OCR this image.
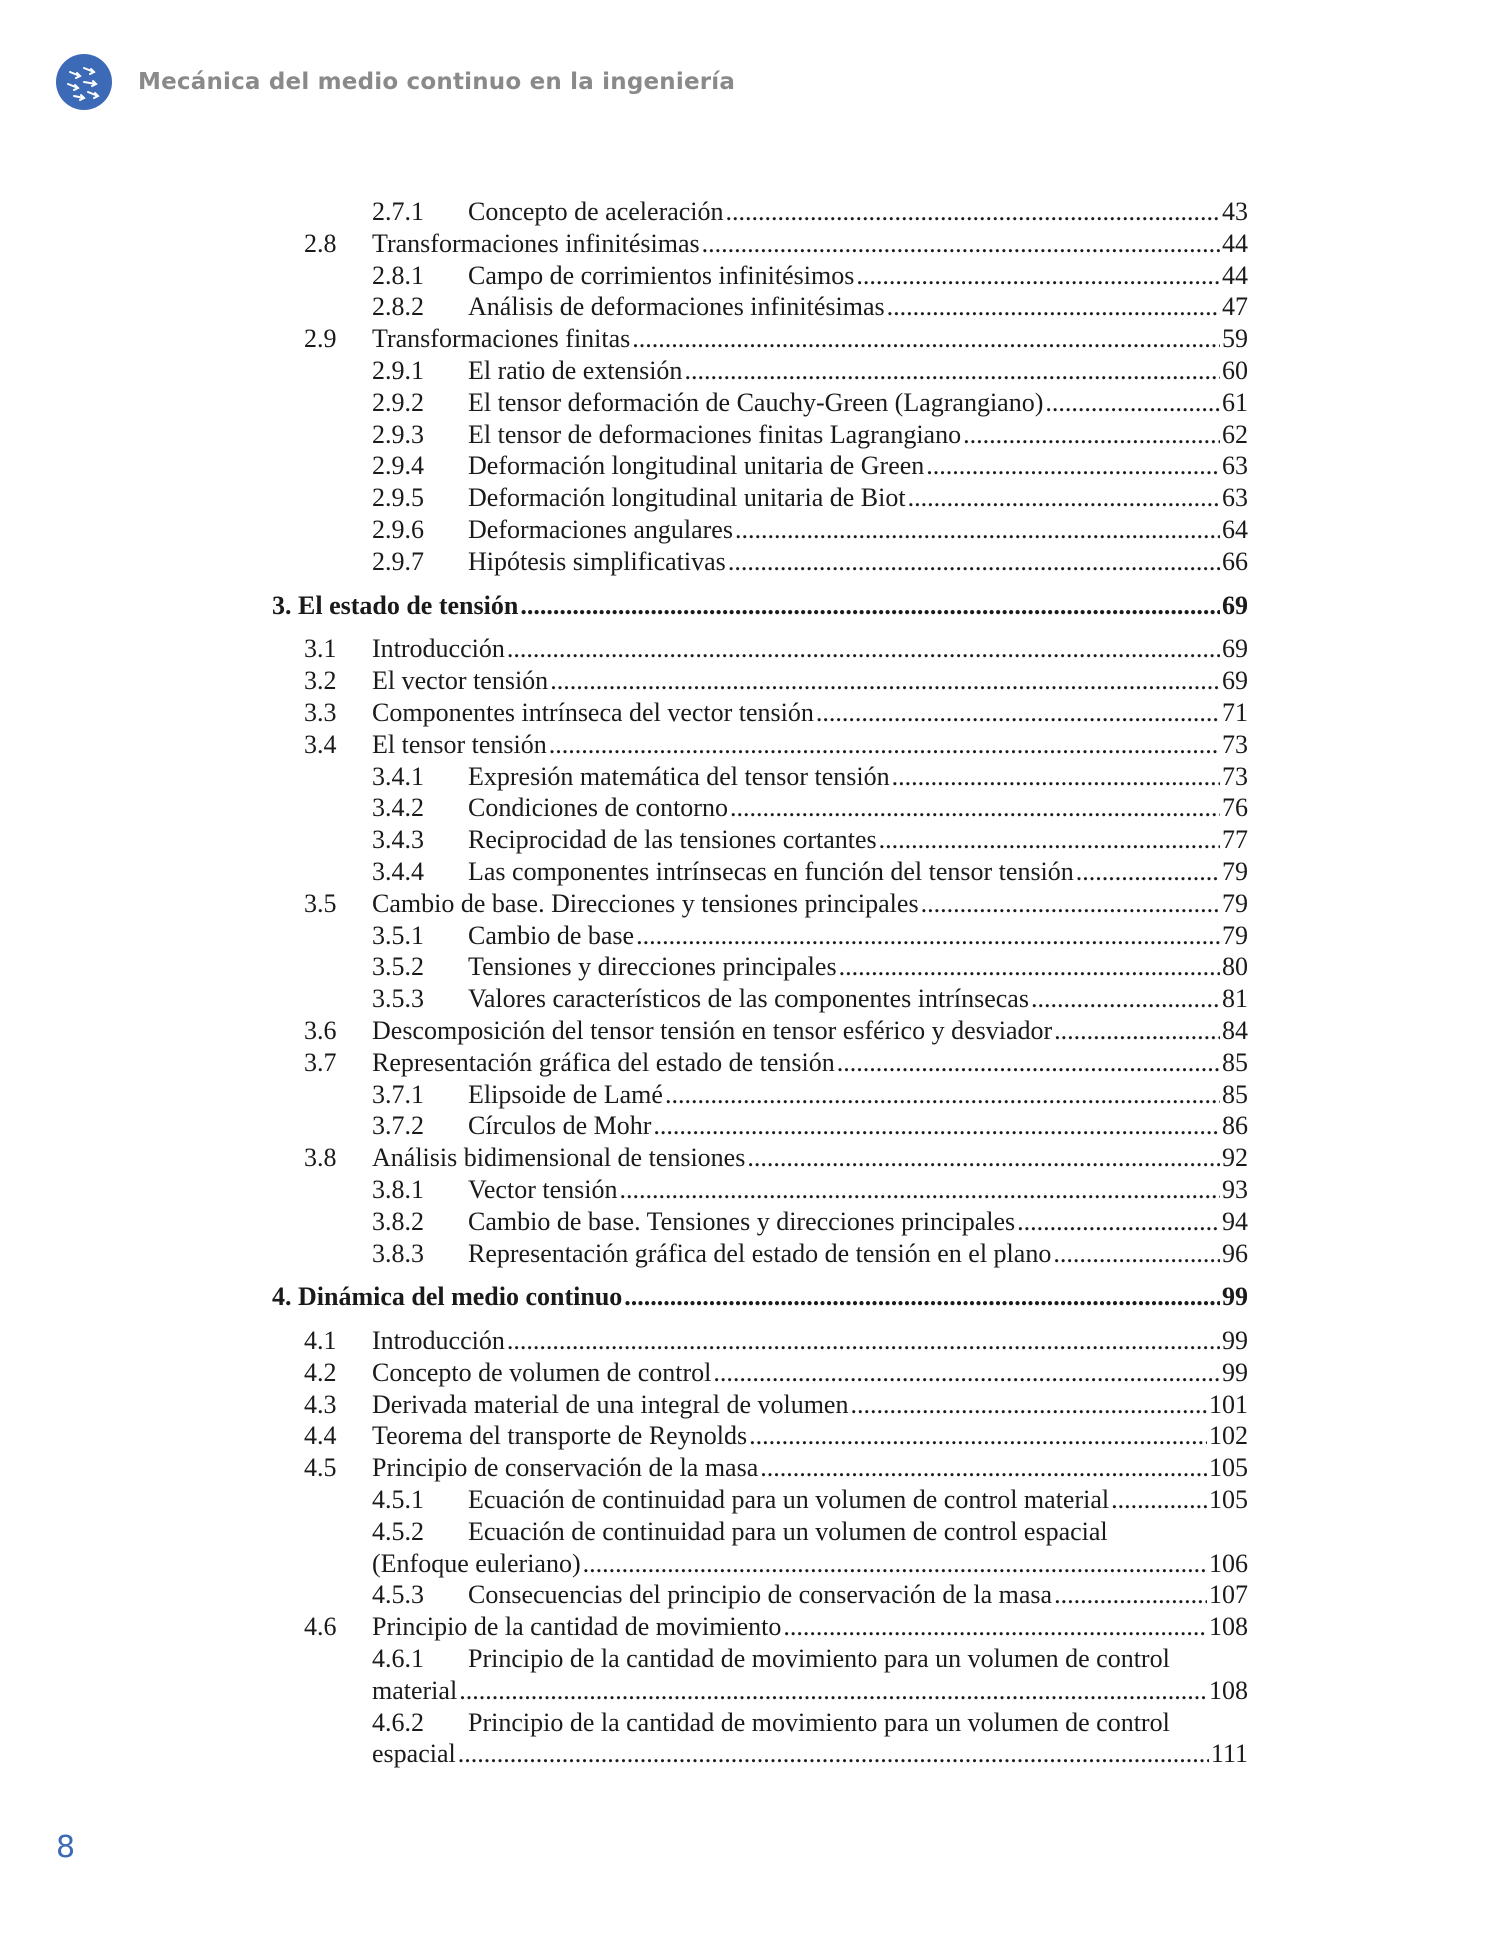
Mecánica del medio continuo en la ingeniería
2.7.1	Concepto de aceleración .....	43
2.8	Transformaciones infinitésimas .....	44
2.8.1	Campo de corrimientos infinitésimos .....	44
2.8.2	Análisis de deformaciones infinitésimas .....	47
2.9	Transformaciones finitas .....	59
2.9.1	El ratio de extensión .....	60
2.9.2	El tensor deformación de Cauchy-Green (Lagrangiano) .....	61
2.9.3	El tensor de deformaciones finitas Lagrangiano .....	62
2.9.4	Deformación longitudinal unitaria de Green .....	63
2.9.5	Deformación longitudinal unitaria de Biot .....	63
2.9.6	Deformaciones angulares .....	64
2.9.7	Hipótesis simplificativas .....	66
3. El estado de tensión .....	69
3.1	Introducción .....	69
3.2	El vector tensión .....	69
3.3	Componentes intrínseca del vector tensión .....	71
3.4	El tensor tensión .....	73
3.4.1	Expresión matemática del tensor tensión .....	73
3.4.2	Condiciones de contorno .....	76
3.4.3	Reciprocidad de las tensiones cortantes .....	77
3.4.4	Las componentes intrínsecas en función del tensor tensión .....	79
3.5	Cambio de base. Direcciones y tensiones principales .....	79
3.5.1	Cambio de base .....	79
3.5.2	Tensiones y direcciones principales .....	80
3.5.3	Valores característicos de las componentes intrínsecas .....	81
3.6	Descomposición del tensor tensión en tensor esférico y desviador .....	84
3.7	Representación gráfica del estado de tensión .....	85
3.7.1	Elipsoide de Lamé .....	85
3.7.2	Círculos de Mohr .....	86
3.8	Análisis bidimensional de tensiones .....	92
3.8.1	Vector tensión .....	93
3.8.2	Cambio de base. Tensiones y direcciones principales .....	94
3.8.3	Representación gráfica del estado de tensión en el plano .....	96
4. Dinámica del medio continuo .....	99
4.1	Introducción .....	99
4.2	Concepto de volumen de control .....	99
4.3	Derivada material de una integral de volumen .....	101
4.4	Teorema del transporte de Reynolds .....	102
4.5	Principio de conservación de la masa .....	105
4.5.1	Ecuación de continuidad para un volumen de control material .....	105
4.5.2	Ecuación de continuidad para un volumen de control espacial
(Enfoque euleriano) .....	106
4.5.3	Consecuencias del principio de conservación de la masa .....	107
4.6	Principio de la cantidad de movimiento .....	108
4.6.1	Principio de la cantidad de movimiento para un volumen de control
material .....	108
4.6.2	Principio de la cantidad de movimiento para un volumen de control
espacial .....	111
8
